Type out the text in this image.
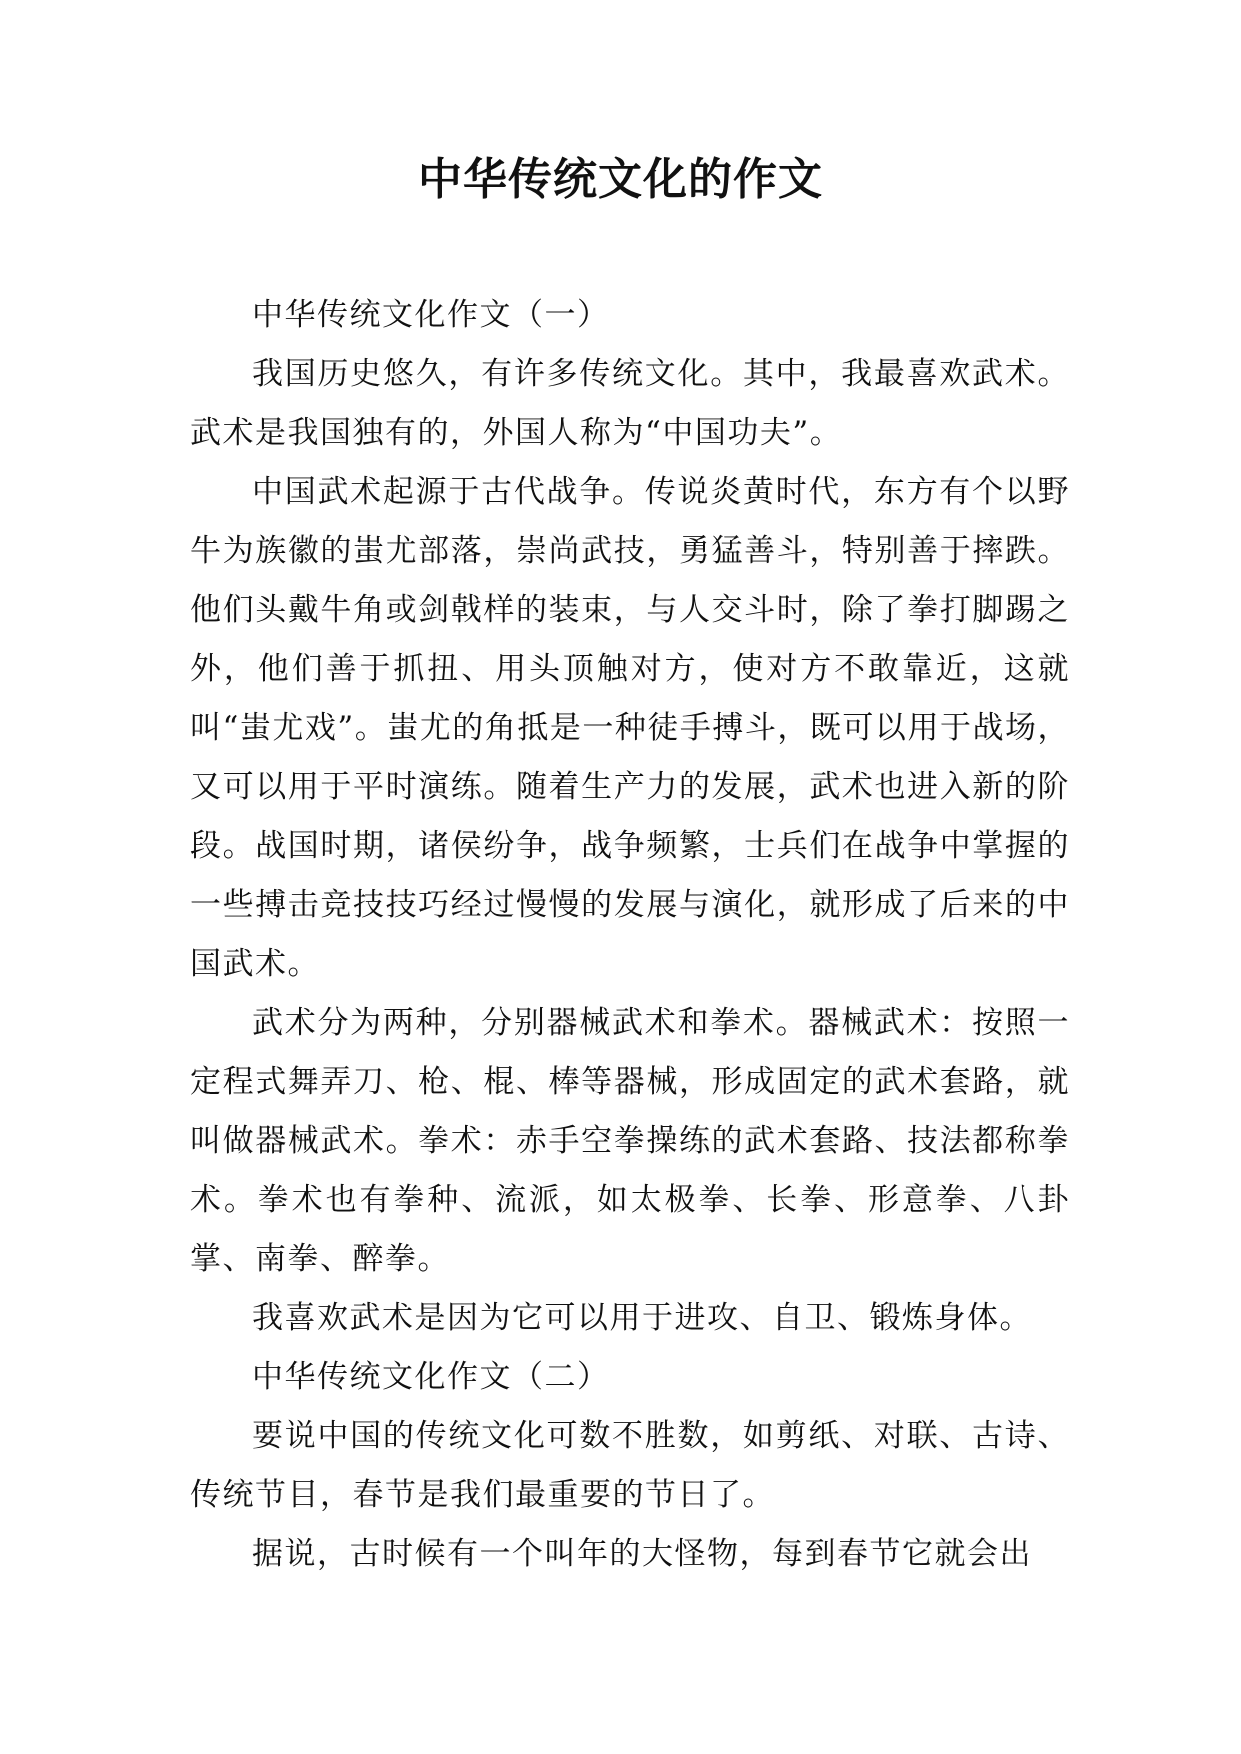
中华传统文化的作文

中华传统文化作文（一）

我国历史悠久，有许多传统文化。其中，我最喜欢武术。武术是我国独有的，外国人称为“中国功夫”。

中国武术起源于古代战争。传说炎黄时代，东方有个以野牛为族徽的蚩尤部落，崇尚武技，勇猛善斗，特别善于摔跌。他们头戴牛角或剑戟样的装束，与人交斗时，除了拳打脚踢之外，他们善于抓扭、用头顶触对方，使对方不敢靠近，这就叫“蚩尤戏”。蚩尤的角抵是一种徒手搏斗，既可以用于战场，又可以用于平时演练。随着生产力的发展，武术也进入新的阶段。战国时期，诸侯纷争，战争频繁，士兵们在战争中掌握的一些搏击竞技技巧经过慢慢的发展与演化，就形成了后来的中国武术。

武术分为两种，分别器械武术和拳术。器械武术：按照一定程式舞弄刀、枪、棍、棒等器械，形成固定的武术套路，就叫做器械武术。拳术：赤手空拳操练的武术套路、技法都称拳术。拳术也有拳种、流派，如太极拳、长拳、形意拳、八卦掌、南拳、醉拳。

我喜欢武术是因为它可以用于进攻、自卫、锻炼身体。

中华传统文化作文（二）

要说中国的传统文化可数不胜数，如剪纸、对联、古诗、传统节目，春节是我们最重要的节日了。

据说，古时候有一个叫年的大怪物，每到春节它就会出
